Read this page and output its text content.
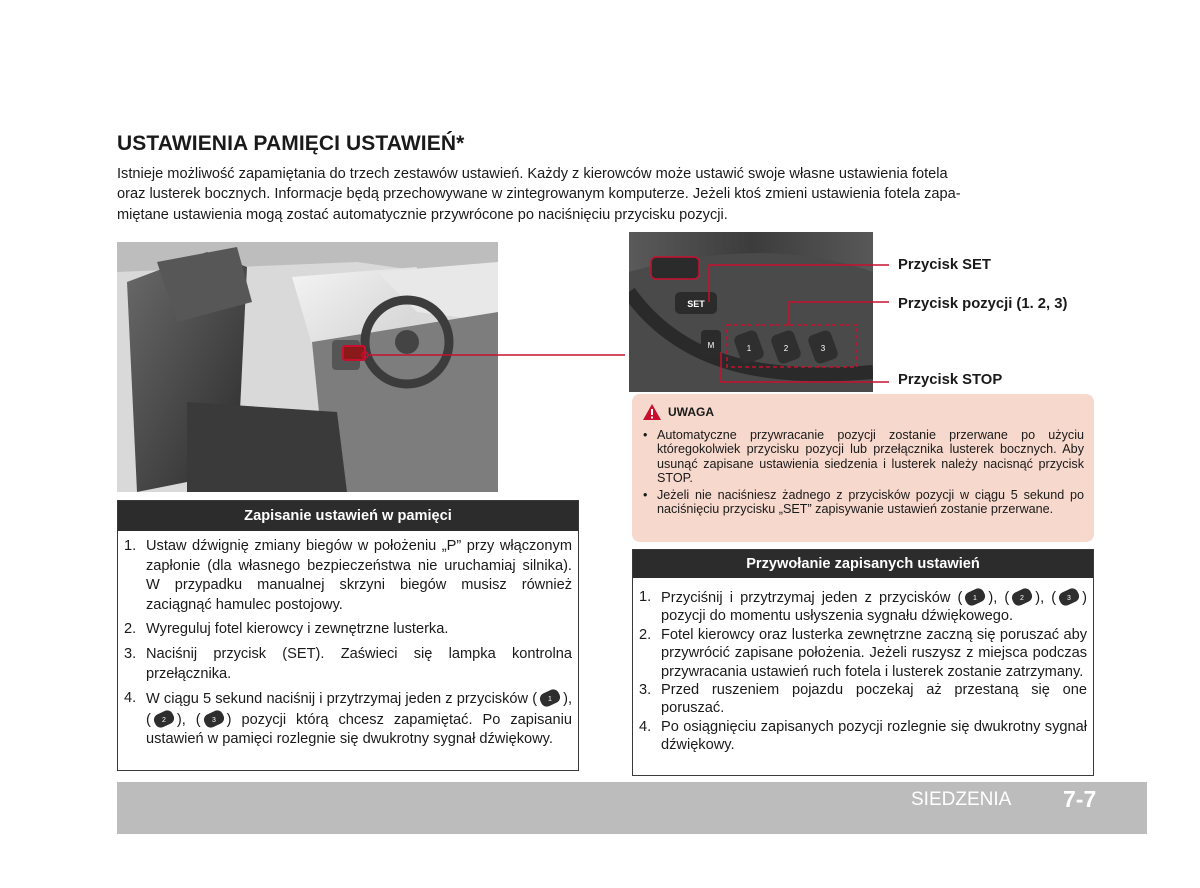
USTAWIENIA PAMIĘCI USTAWIEŃ*

Istnieje możliwość zapamiętania do trzech zestawów ustawień. Każdy z kierowców może ustawić swoje własne ustawienia fotela

oraz lusterek bocznych. Informacje będą przechowywane w zintegrowanym komputerze. Jeżeli ktoś zmieni ustawienia fotela zapa-

miętane ustawienia mogą zostać automatycznie przywrócone po naciśnięciu przycisku pozycji.

SET
M	1	2	3
Przycisk SET
Przycisk pozycji (1. 2, 3)
Przycisk STOP
UWAGA
• Automatyczne przywracanie pozycji zostanie przerwane po użyciu któregokolwiek przycisku pozycji lub przełącznika lusterek bocznych. Aby usunąć zapisane ustawienia siedzenia i lusterek należy nacisnąć przycisk STOP.
• Jeżeli nie naciśniesz żadnego z przycisków pozycji w ciągu 5 sekund po naciśnięciu przycisku „SET” zapisywanie ustawień zostanie przerwane.
Zapisanie ustawień w pamięci
1. Ustaw dźwignię zmiany biegów w położeniu „P” przy włączonym zapłonie (dla własnego bezpieczeństwa nie uruchamiaj silnika). W przypadku manualnej skrzyni biegów musisz również zaciągnąć hamulec postojowy.
2. Wyreguluj fotel kierowcy i zewnętrzne lusterka.
3. Naciśnij przycisk (SET). Zaświeci się lampka kontrolna przełącznika.
4. W ciągu 5 sekund naciśnij i przytrzymaj jeden z przycisków ( 1 ), ( 2 ), ( 3 ) pozycji którą chcesz zapamiętać. Po zapisaniu ustawień w pamięci rozlegnie się dwukrotny sygnał dźwiękowy.
Przywołanie zapisanych ustawień
1. Przyciśnij i przytrzymaj jeden z przycisków ( 1 ), ( 2 ), ( 3 ) pozycji do momentu usłyszenia sygnału dźwiękowego.
2. Fotel kierowcy oraz lusterka zewnętrzne zaczną się poruszać aby przywrócić zapisane położenia. Jeżeli ruszysz z miejsca podczas przywracania ustawień ruch fotela i lusterek zostanie zatrzymany.
3. Przed ruszeniem pojazdu poczekaj aż przestaną się one poruszać.
4. Po osiągnięciu zapisanych pozycji rozlegnie się dwukrotny sygnał dźwiękowy.
SIEDZENIA 7-7
